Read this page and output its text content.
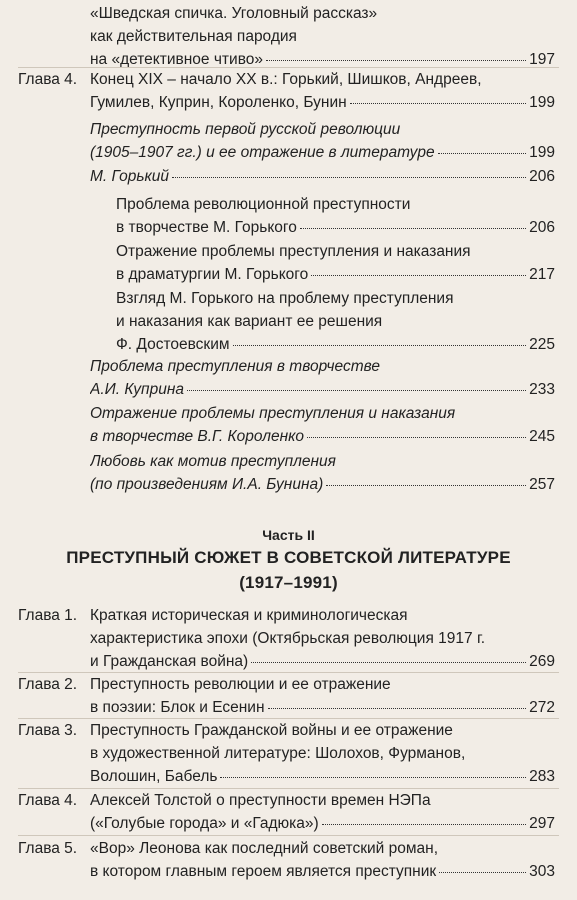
«Шведская спичка. Уголовный рассказ»
как действительная пародия
на «детективное чтиво»	197
Глава 4. Конец XIX – начало XX в.: Горький, Шишков, Андреев,
Гумилев, Куприн, Короленко, Бунин	199
Преступность первой русской революции
(1905–1907 гг.) и ее отражение в литературе	199
М. Горький	206
Проблема революционной преступности
в творчестве М. Горького	206
Отражение проблемы преступления и наказания
в драматургии М. Горького	217
Взгляд М. Горького на проблему преступления
и наказания как вариант ее решения
Ф. Достоевским	225
Проблема преступления в творчестве
А.И. Куприна	233
Отражение проблемы преступления и наказания
в творчестве В.Г. Короленко	245
Любовь как мотив преступления
(по произведениям И.А. Бунина)	257
Часть II
ПРЕСТУПНЫЙ СЮЖЕТ В СОВЕТСКОЙ ЛИТЕРАТУРЕ
(1917–1991)
Глава 1. Краткая историческая и криминологическая
характеристика эпохи (Октябрьская революция 1917 г.
и Гражданская война)	269
Глава 2. Преступность революции и ее отражение
в поэзии: Блок и Есенин	272
Глава 3. Преступность Гражданской войны и ее отражение
в художественной литературе: Шолохов, Фурманов,
Волошин, Бабель	283
Глава 4. Алексей Толстой о преступности времен НЭПа
(«Голубые города» и «Гадюка»)	297
Глава 5. «Вор» Леонова как последний советский роман,
в котором главным героем является преступник	303
